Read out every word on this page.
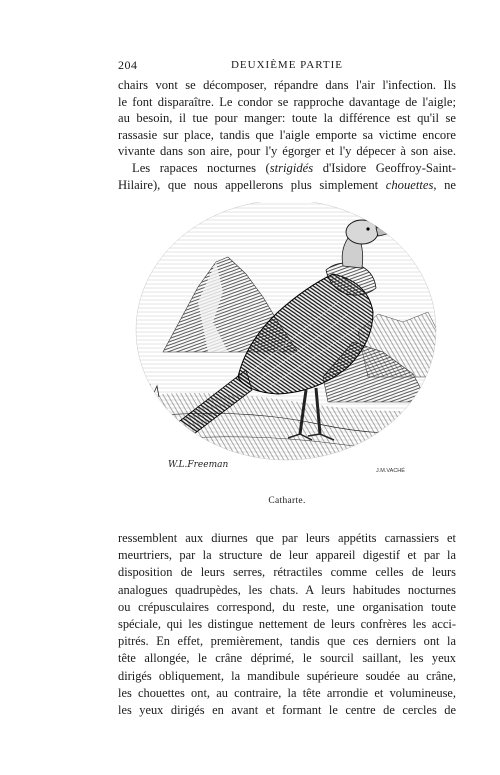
204	DEUXIÈME PARTIE
chairs vont se décomposer, répandre dans l'air l'infection. Ils
le font disparaître. Le condor se rapproche davantage de l'aigle;
au besoin, il tue pour manger: toute la différence est qu'il se
rassasie sur place, tandis que l'aigle emporte sa victime encore
vivante dans son aire, pour l'y égorger et l'y dépecer à son aise.
Les rapaces nocturnes (strigidés d'Isidore Geoffroy-Saint-
Hilaire), que nous appellerons plus simplement chouettes, ne
W.L.Freeman
J.M.VACHÉ
Catharte.
ressemblent aux diurnes que par leurs appétits carnassiers et
meurtriers, par la structure de leur appareil digestif et par la
disposition de leurs serres, rétractiles comme celles de leurs
analogues quadrupèdes, les chats. A leurs habitudes nocturnes
ou crépusculaires correspond, du reste, une organisation toute
spéciale, qui les distingue nettement de leurs confrères les acci-
pitrés. En effet, premièrement, tandis que ces derniers ont la
tête allongée, le crâne déprimé, le sourcil saillant, les yeux
dirigés obliquement, la mandibule supérieure soudée au crâne,
les chouettes ont, au contraire, la tête arrondie et volumineuse,
les yeux dirigés en avant et formant le centre de cercles de
